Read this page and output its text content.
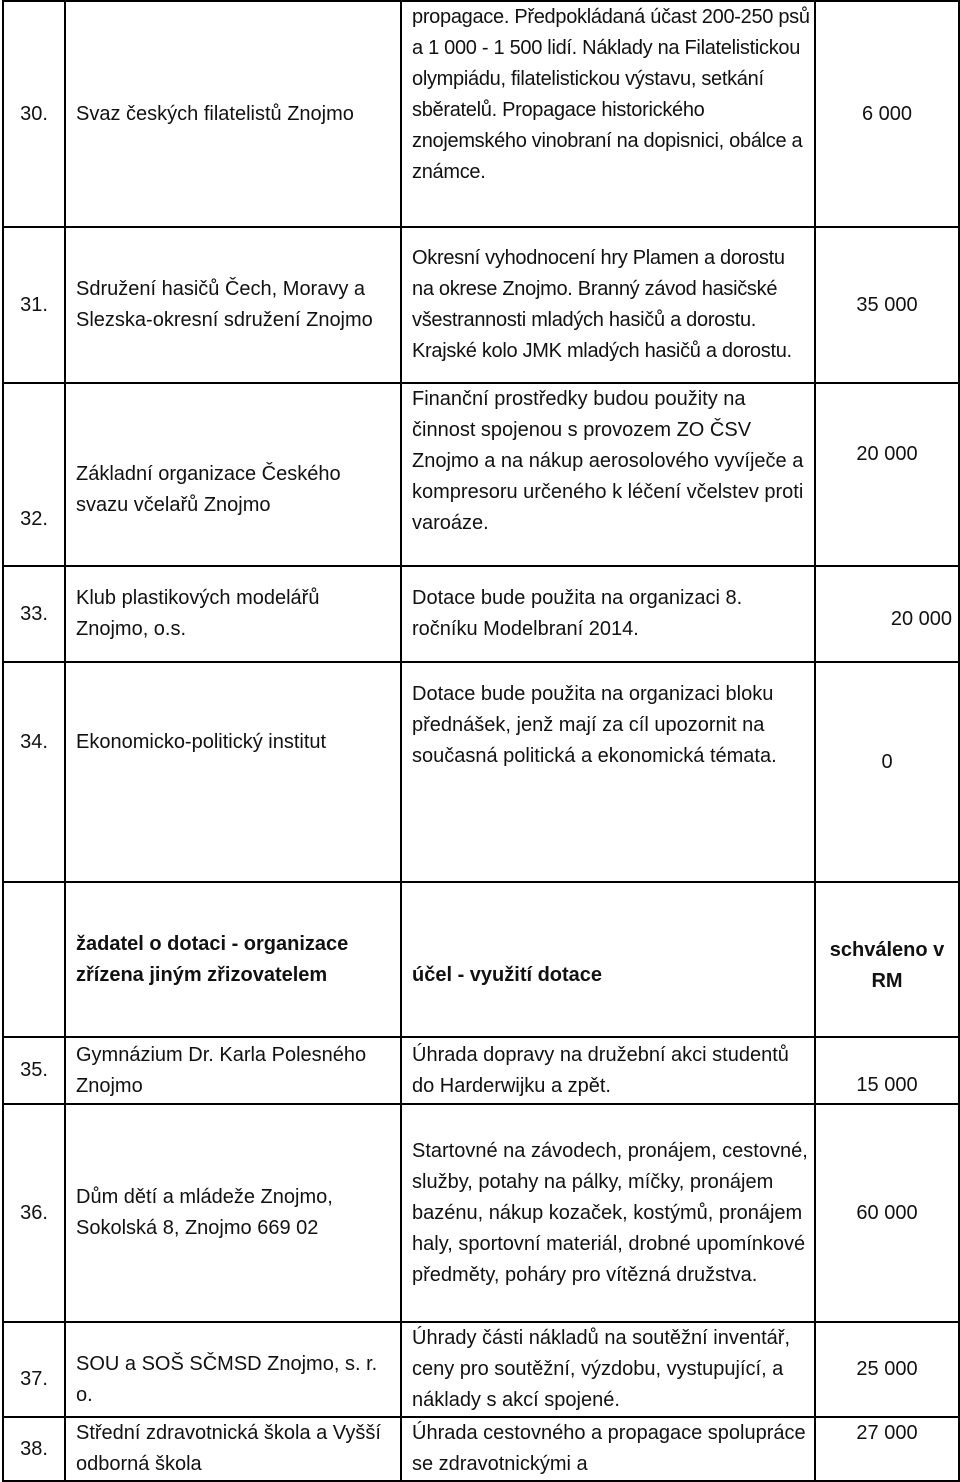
30.	Svaz českých filatelistů Znojmo	propagace. Předpokládaná účast 200-250 psů a 1 000 - 1 500 lidí. Náklady na Filatelistickou olympiádu, filatelistickou výstavu, setkání sběratelů. Propagace historického znojemského vinobraní na dopisnici, obálce a známce.	6 000
31.	Sdružení hasičů Čech, Moravy a Slezska-okresní sdružení Znojmo	Okresní vyhodnocení hry Plamen a dorostu na okrese Znojmo. Branný závod hasičské všestrannosti mladých hasičů a dorostu. Krajské kolo JMK mladých hasičů a dorostu.	35 000
32.	Základní organizace Českého svazu včelařů Znojmo	Finanční prostředky budou použity na činnost spojenou s provozem ZO ČSV Znojmo a na nákup aerosolového vyvíječe a kompresoru určeného k léčení včelstev proti varoáze.	20 000
33.	Klub plastikových modelářů Znojmo, o.s.	Dotace bude použita na organizaci 8. ročníku Modelbraní 2014.	20 000
34.	Ekonomicko-politický institut	Dotace bude použita na organizaci bloku přednášek, jenž mají za cíl upozornit na současná politická a ekonomická témata.	0
	žadatel o dotaci - organizace zřízena jiným zřizovatelem	účel - využití dotace	schváleno v RM
35.	Gymnázium Dr. Karla Polesného Znojmo	Úhrada dopravy na družební akci studentů do Harderwijku a zpět.	15 000
36.	Dům dětí a mládeže Znojmo, Sokolská 8, Znojmo 669 02	Startovné na závodech, pronájem, cestovné, služby, potahy na pálky, míčky, pronájem bazénu, nákup kozaček, kostýmů, pronájem haly, sportovní materiál, drobné upomínkové předměty, poháry pro vítězná družstva.	60 000
37.	SOU a SOŠ SČMSD Znojmo, s. r. o.	Úhrady části nákladů na soutěžní inventář, ceny pro soutěžní, výzdobu, vystupující, a náklady s akcí spojené.	25 000
38.	Střední zdravotnická škola a Vyšší odborná škola	Úhrada cestovného a propagace spolupráce se zdravotnickými a	27 000
